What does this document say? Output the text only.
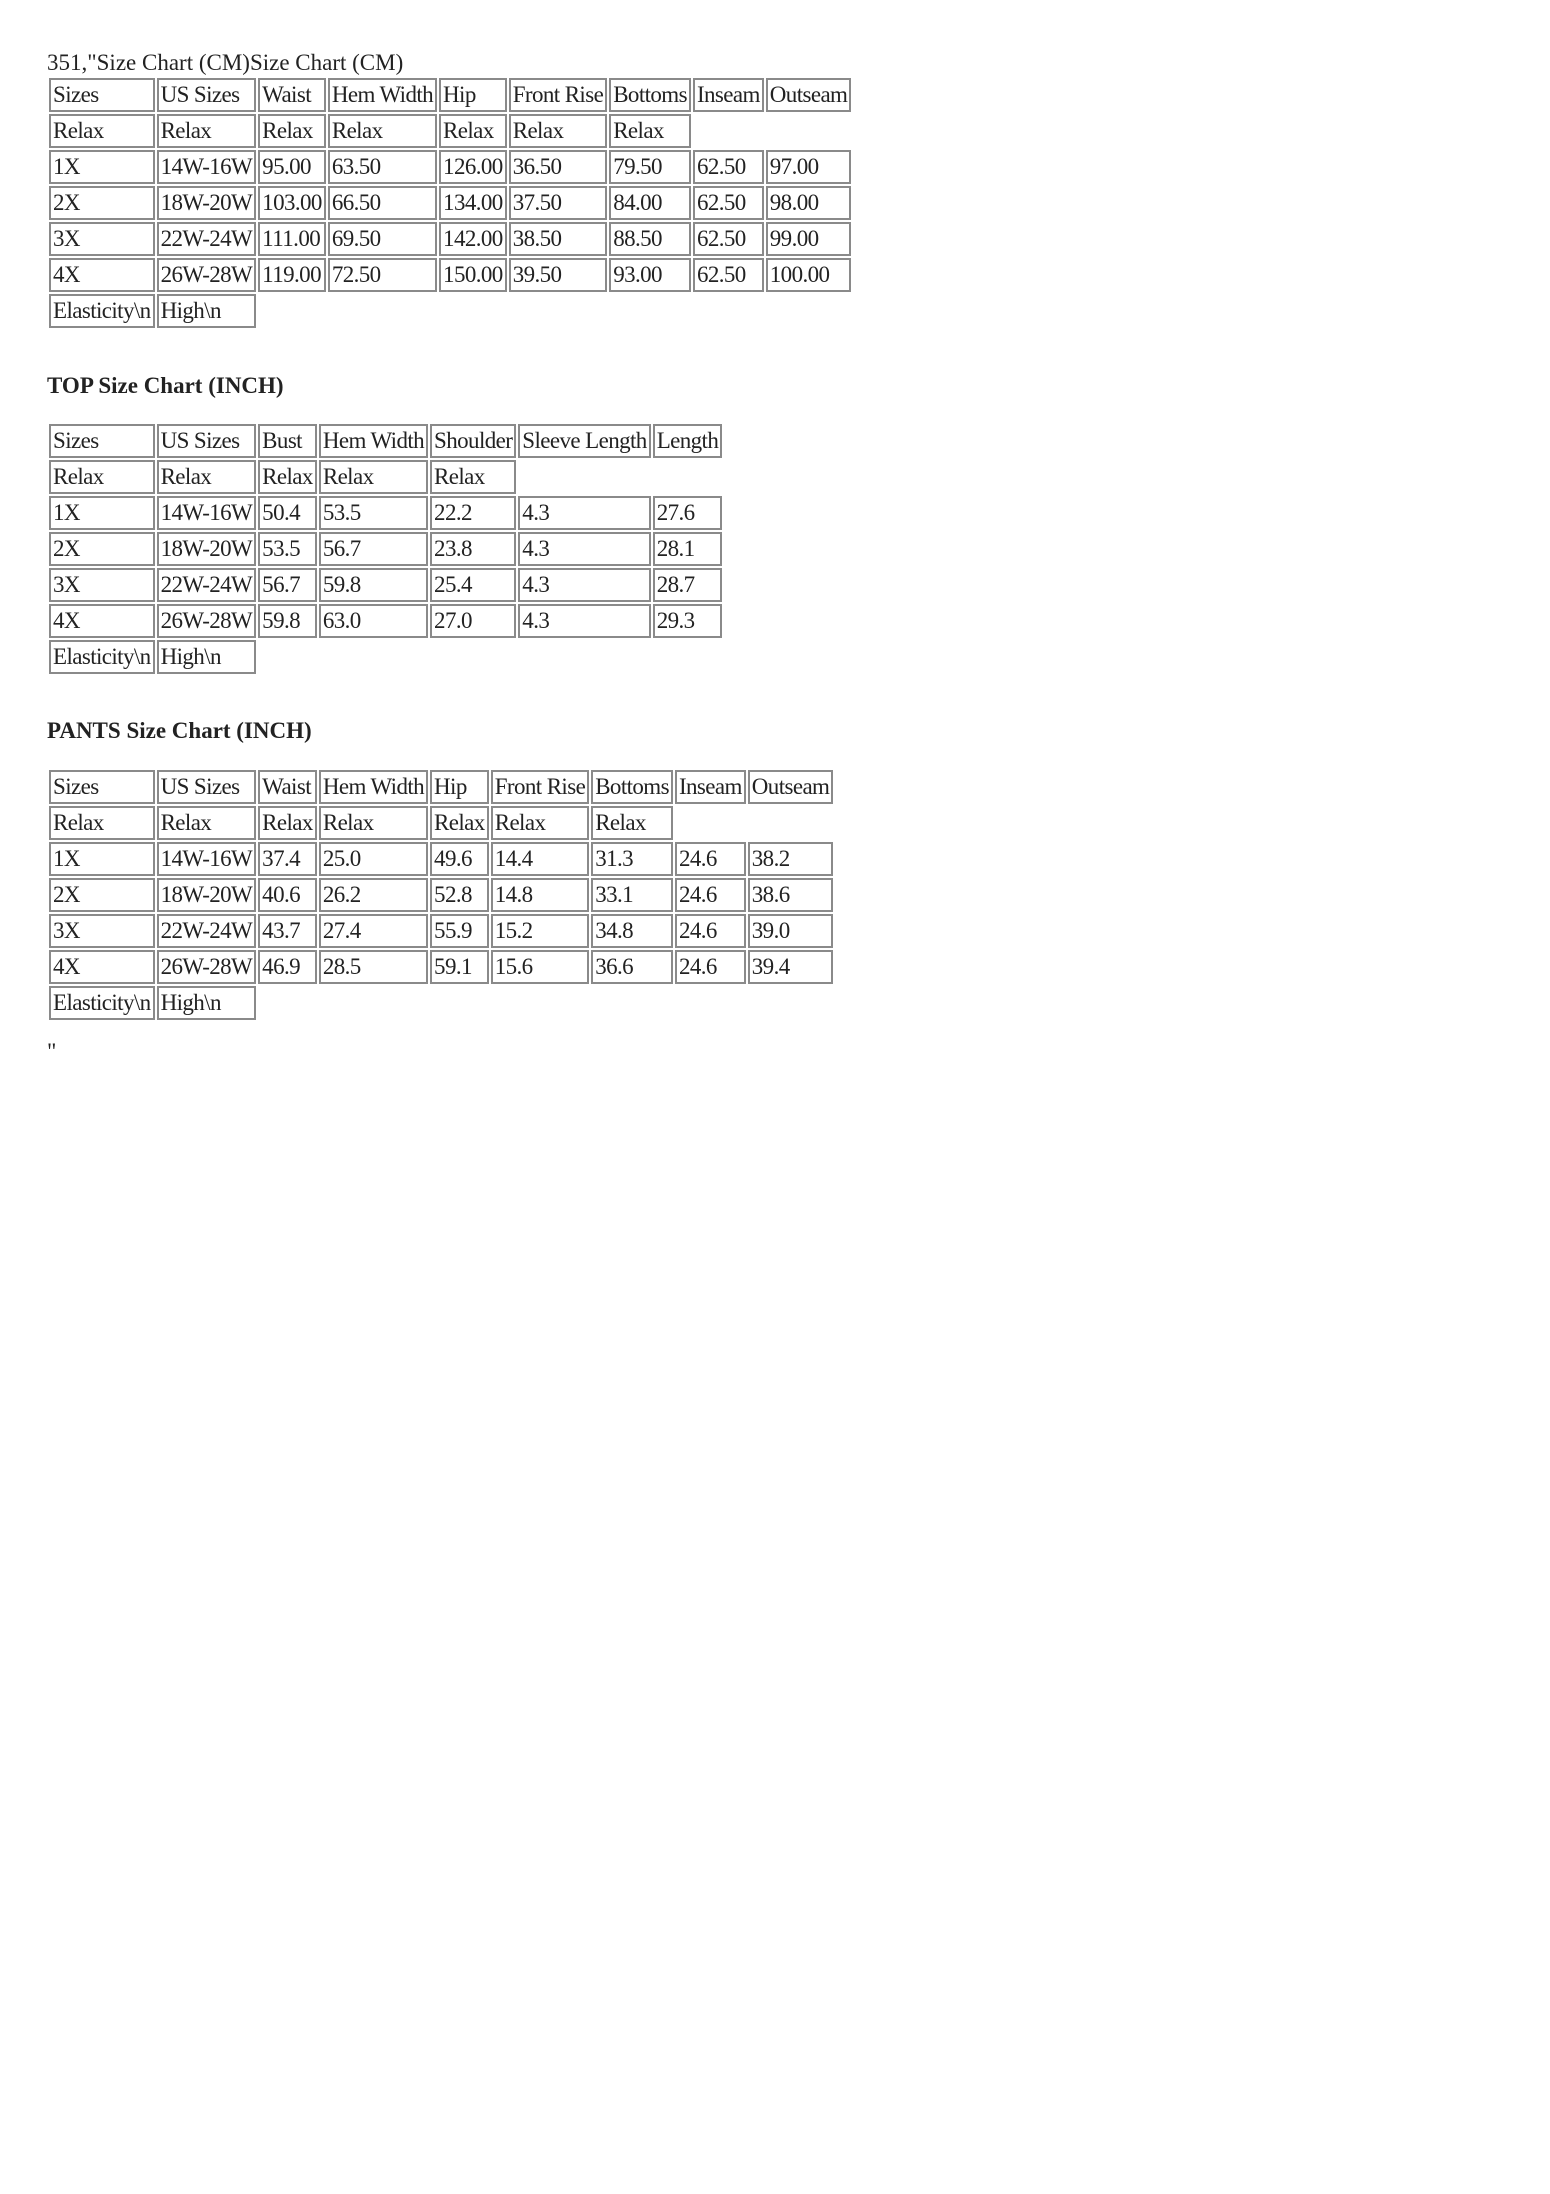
351,"Size Chart (CM)Size Chart (CM)
Sizes	US Sizes	Waist	Hem Width	Hip	Front Rise	Bottoms	Inseam	Outseam
Relax	Relax	Relax	Relax	Relax	Relax	Relax		
1X	14W-16W	95.00	63.50	126.00	36.50	79.50	62.50	97.00
2X	18W-20W	103.00	66.50	134.00	37.50	84.00	62.50	98.00
3X	22W-24W	111.00	69.50	142.00	38.50	88.50	62.50	99.00
4X	26W-28W	119.00	72.50	150.00	39.50	93.00	62.50	100.00
Elasticity\n	High\n							
TOP Size Chart (INCH)
Sizes	US Sizes	Bust	Hem Width	Shoulder	Sleeve Length	Length
Relax	Relax	Relax	Relax	Relax		
1X	14W-16W	50.4	53.5	22.2	4.3	27.6
2X	18W-20W	53.5	56.7	23.8	4.3	28.1
3X	22W-24W	56.7	59.8	25.4	4.3	28.7
4X	26W-28W	59.8	63.0	27.0	4.3	29.3
Elasticity\n	High\n					
PANTS Size Chart (INCH)
Sizes	US Sizes	Waist	Hem Width	Hip	Front Rise	Bottoms	Inseam	Outseam
Relax	Relax	Relax	Relax	Relax	Relax	Relax		
1X	14W-16W	37.4	25.0	49.6	14.4	31.3	24.6	38.2
2X	18W-20W	40.6	26.2	52.8	14.8	33.1	24.6	38.6
3X	22W-24W	43.7	27.4	55.9	15.2	34.8	24.6	39.0
4X	26W-28W	46.9	28.5	59.1	15.6	36.6	24.6	39.4
Elasticity\n	High\n							
"
